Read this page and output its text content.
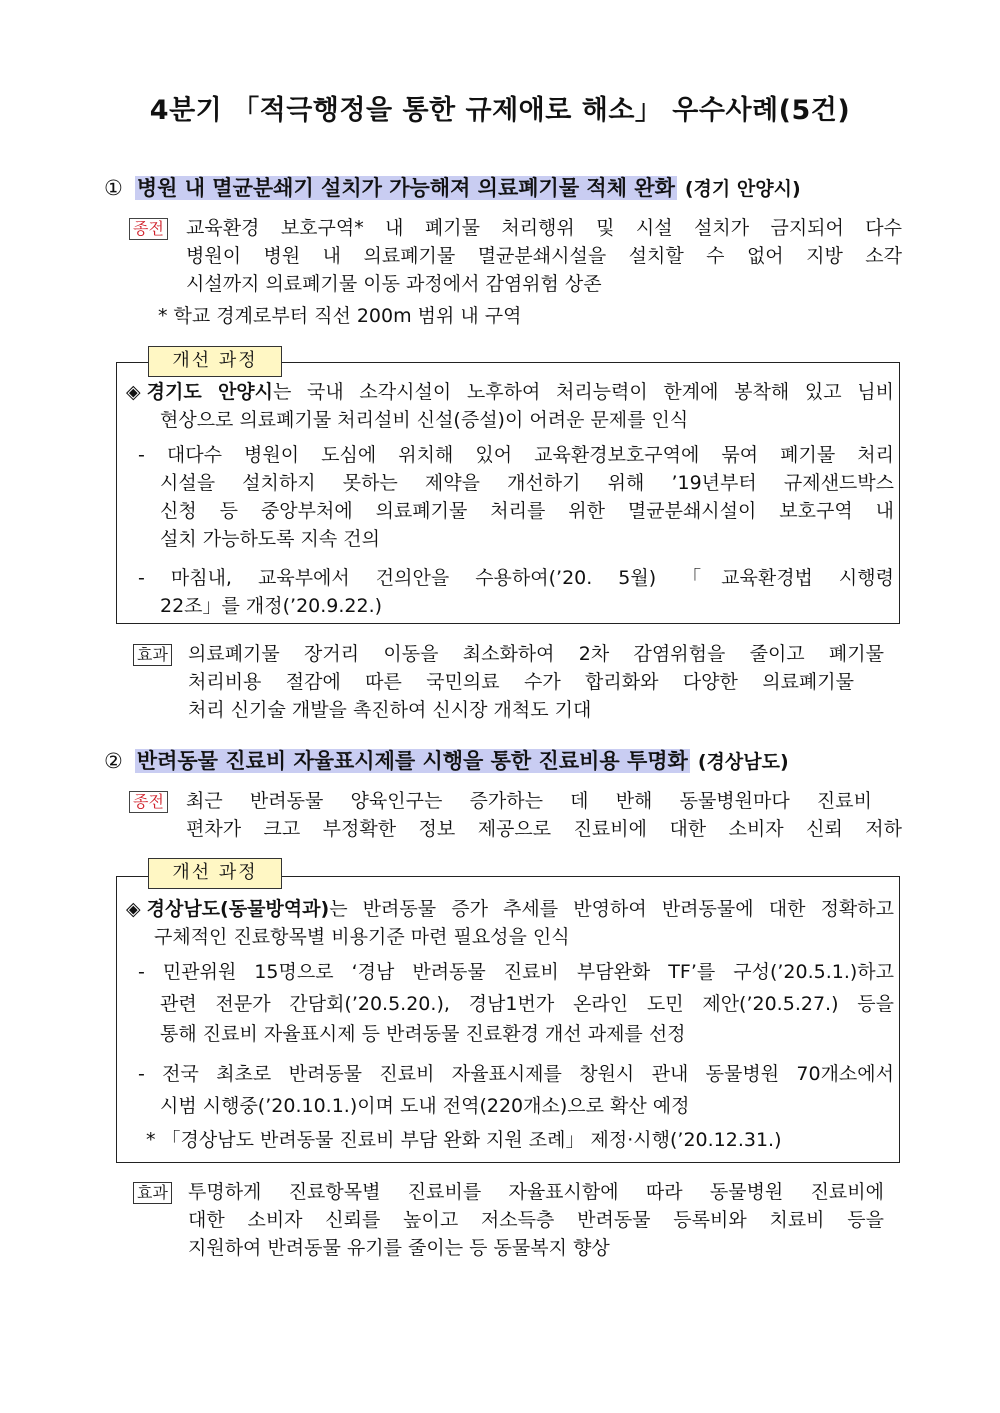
4분기 「적극행정을 통한 규제애로 해소」 우수사례(5건)
① 병원 내 멸균분쇄기 설치가 가능해져 의료폐기물 적체 완화 (경기 안양시)
종전 교육환경 보호구역* 내 폐기물 처리행위 및 시설 설치가 금지되어 다수
병원이 병원 내 의료폐기물 멸균분쇄시설을 설치할 수 없어 지방 소각
시설까지 의료폐기물 이동 과정에서 감염위험 상존
* 학교 경계로부터 직선 200m 범위 내 구역
개선 과정
◈ 경기도 안양시는 국내 소각시설이 노후하여 처리능력이 한계에 봉착해 있고 님비
현상으로 의료폐기물 처리설비 신설(증설)이 어려운 문제를 인식
- 대다수 병원이 도심에 위치해 있어 교육환경보호구역에 묶여 폐기물 처리
시설을 설치하지 못하는 제약을 개선하기 위해 ’19년부터 규제샌드박스
신청 등 중앙부처에 의료폐기물 처리를 위한 멸균분쇄시설이 보호구역 내
설치 가능하도록 지속 건의
- 마침내, 교육부에서 건의안을 수용하여(’20. 5월) 「교육환경법 시행령
22조」를 개정(’20.9.22.)
효과 의료폐기물 장거리 이동을 최소화하여 2차 감염위험을 줄이고 폐기물
처리비용 절감에 따른 국민의료 수가 합리화와 다양한 의료폐기물
처리 신기술 개발을 촉진하여 신시장 개척도 기대
② 반려동물 진료비 자율표시제를 시행을 통한 진료비용 투명화 (경상남도)
종전 최근 반려동물 양육인구는 증가하는 데 반해 동물병원마다 진료비
편차가 크고 부정확한 정보 제공으로 진료비에 대한 소비자 신뢰 저하
개선 과정
◈ 경상남도(동물방역과)는 반려동물 증가 추세를 반영하여 반려동물에 대한 정확하고
구체적인 진료항목별 비용기준 마련 필요성을 인식
- 민관위원 15명으로 ‘경남 반려동물 진료비 부담완화 TF’를 구성(’20.5.1.)하고
관련 전문가 간담회(’20.5.20.), 경남1번가 온라인 도민 제안(’20.5.27.) 등을
통해 진료비 자율표시제 등 반려동물 진료환경 개선 과제를 선정
- 전국 최초로 반려동물 진료비 자율표시제를 창원시 관내 동물병원 70개소에서
시범 시행중(’20.10.1.)이며 도내 전역(220개소)으로 확산 예정
* 「경상남도 반려동물 진료비 부담 완화 지원 조례」 제정·시행(’20.12.31.)
효과 투명하게 진료항목별 진료비를 자율표시함에 따라 동물병원 진료비에
대한 소비자 신뢰를 높이고 저소득층 반려동물 등록비와 치료비 등을
지원하여 반려동물 유기를 줄이는 등 동물복지 향상
